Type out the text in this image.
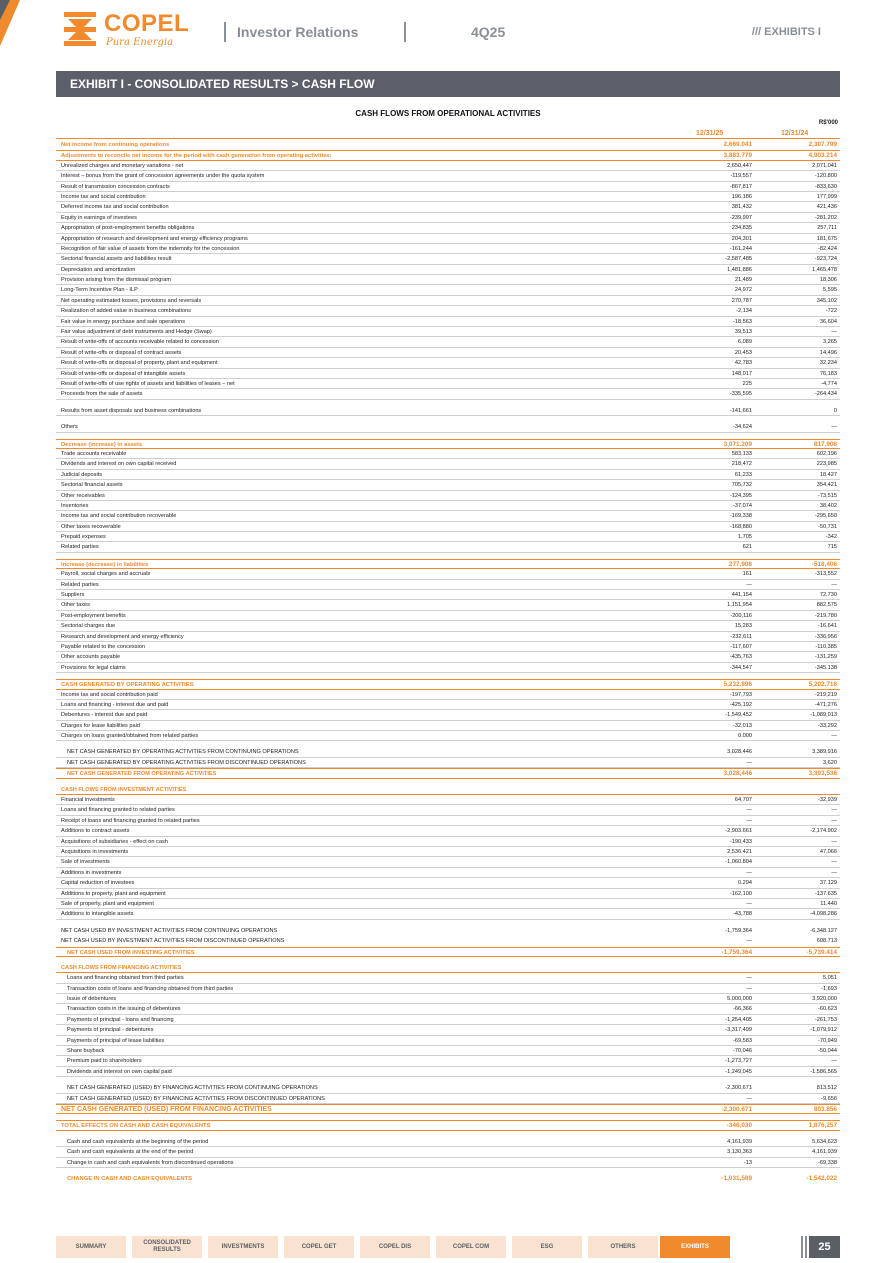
COPEL
Pura Energia
Investor Relations	4Q25	/// EXHIBITS I
EXHIBIT I - CONSOLIDATED RESULTS > CASH FLOW
CASH FLOWS FROM OPERATIONAL ACTIVITIES
R$'000
12/31/25	12/31/24
Net income from continuing operations	2,669.041	2,307.799
Adjustments to reconcile net income for the period with cash generation from operating activities:	3,883.779	4,903.214
Unrealized charges and monetary variations - net	2,650,447	2,071,041
Interest – bonus from the grant of concession agreements under the quota system	-119,557	-120,800
Result of transmission concession contracts	-867,817	-833,630
Income tax and social contribution	196,186	177,999
Deferred income tax and social contribution	381,432	421,436
Equity in earnings of investees	-239,997	-281,202
Appropriation of post-employment benefits obligations	234,835	257,711
Appropriation of research and development and energy efficiency programs	204,301	181,675
Recognition of fair value of assets from the indemnity for the concession	-161,244	-82,424
Sectorial financial assets and liabilities result	-2,587,485	-923,724
Depreciation and amortization	1,481,886	1,465,478
Provision arising from the dismissal program	21,489	18,306
Long-Term Incentive Plan - ILP	24,972	5,595
Net operating estimated losses, provisions and reversals	270,787	345,102
Realization of added value in business combinations	-2,134	-722
Fair value in energy purchase and sale operations	-18,563	36,604
Fair value adjustment of debt instruments and Hedge (Swap)	39,513	—
Result of write-offs of accounts receivable related to concession	6,089	3,265
Result of write-offs or disposal of contract assets	20,453	14,496
Result of write-offs or disposal of property, plant and equipment	42,783	32,234
Result of write-offs or disposal of intangible assets	148,017	76,183
Result of write-offs of use rights of assets and liabilities of leases – net	225	-4,774
Proceeds from the sale of assets	-335,595	-264,434
Results from asset disposals and business combinations	-141,661	0
Others	-34,624	—
Decrease (increase) in assets	3,071.209	817.908
Trade accounts receivable	583,133	602,196
Dividends and interest on own capital received	218,472	223,985
Judicial deposits	61,233	18,427
Sectorial financial assets	705,732	354,421
Other receivables	-124,395	-73,515
Inventories	-37,074	38,402
Income tax and social contribution recoverable	-169,338	-295,650
Other taxes recoverable	-168,880	-50,731
Prepaid expenses	1,705	-342
Related parties	621	715
Increase (decrease) in liabilities	277,908	-518,406
Payroll, social charges and accruals	161	-313,552
Related parties	—	—
Suppliers	441,154	72,730
Other taxes	1,151,954	882,575
Post-employment benefits	-200,116	-219,780
Sectorial charges due	15,283	-16,641
Research and development and energy efficiency	-232,611	-336,956
Payable related to the concession	-117,607	-110,385
Other accounts payable	-435,763	-131,259
Provisions for legal claims	-344,547	-345,138
CASH GENERATED BY OPERATING ACTIVITIES	5,232.896	5,202.716
Income tax and social contribution paid	-197,793	-219,219
Loans and financing - interest due and paid	-425,192	-471,276
Debentures - interest due and paid	-1,549,452	-1,089,013
Charges for lease liabilities paid	-32,013	-33,292
Charges on loans granted/obtained from related parties	0.000	—
NET CASH GENERATED BY OPERATING ACTIVITIES FROM CONTINUING OPERATIONS	3,028,446	3,389,916
NET CASH GENERATED BY OPERATING ACTIVITIES FROM DISCONTINUED OPERATIONS	—	3,620
NET CASH GENERATED FROM OPERATING ACTIVITIES	3,028,446	3,393,536
CASH FLOWS FROM INVESTMENT ACTIVITIES
Financial investments	64,707	-32,939
Loans and financing granted to related parties	—	—
Receipt of loans and financing granted to related parties	—	—
Additions to contract assets	-2,903.661	-2,174.902
Acquisitions of subsidiaries - effect on cash	-190,433	—
Acquisitions in investments	2,536.421	47,066
Sale of investments	-1,060.804	—
Additions in investments	—	—
Capital reduction of investees	0.294	37.129
Additions to property, plant and equipment	-162,100	-137.635
Sale of property, plant and equipment	—	11.440
Additions to intangible assets	-43,788	-4,098,286
NET CASH USED BY INVESTMENT ACTIVITIES FROM CONTINUING OPERATIONS	-1,759.364	-6,348.127
NET CASH USED BY INVESTMENT ACTIVITIES FROM DISCONTINUED OPERATIONS	—	608.713
NET CASH USED FROM INVESTING ACTIVITIES	-1,759.364	-5,739.414
CASH FLOWS FROM FINANCING ACTIVITIES
Loans and financing obtained from third parties	—	5,051
Transaction costs of loans and financing obtained from third parties	—	-1,693
Issue of debentures	5,000,000	3,920,000
Transaction costs in the issuing of debentures	-66,366	-60,623
Payments of principal - loans and financing	-1,254,405	-261,753
Payments of principal - debentures	-3,317,499	-1,079,912
Payments of principal of lease liabilities	-69,583	-70,949
Share buyback	-70,046	-50,044
Premium paid to shareholders	-1,273,727	—
Dividends and interest on own capital paid	-1,249,045	-1,586,565
NET CASH GENERATED (USED) BY FINANCING ACTIVITIES FROM CONTINUING OPERATIONS	-2,300,671	813,512
NET CASH GENERATED (USED) BY FINANCING ACTIVITIES FROM DISCONTINUED OPERATIONS	—	-9,656
NET CASH GENERATED (USED) FROM FINANCING ACTIVITIES	-2,300.671	803.856
TOTAL EFFECTS ON CASH AND CASH EQUIVALENTS	-346,030	1,876,257
Cash and cash equivalents at the beginning of the period	4,161,939	5,634,623
Cash and cash equivalents at the end of the period	3,130,363	4,161,939
Change in cash and cash equivalents from discontinued operations	-13	-69,338
CHANGE IN CASH AND CASH EQUIVALENTS	-1,031,589	-1,542,022
SUMMARY
CONSOLIDATED RESULTS
INVESTMENTS	COPEL GET	COPEL DIS	COPEL COM	ESG	OTHERS	EXHIBITS	25
